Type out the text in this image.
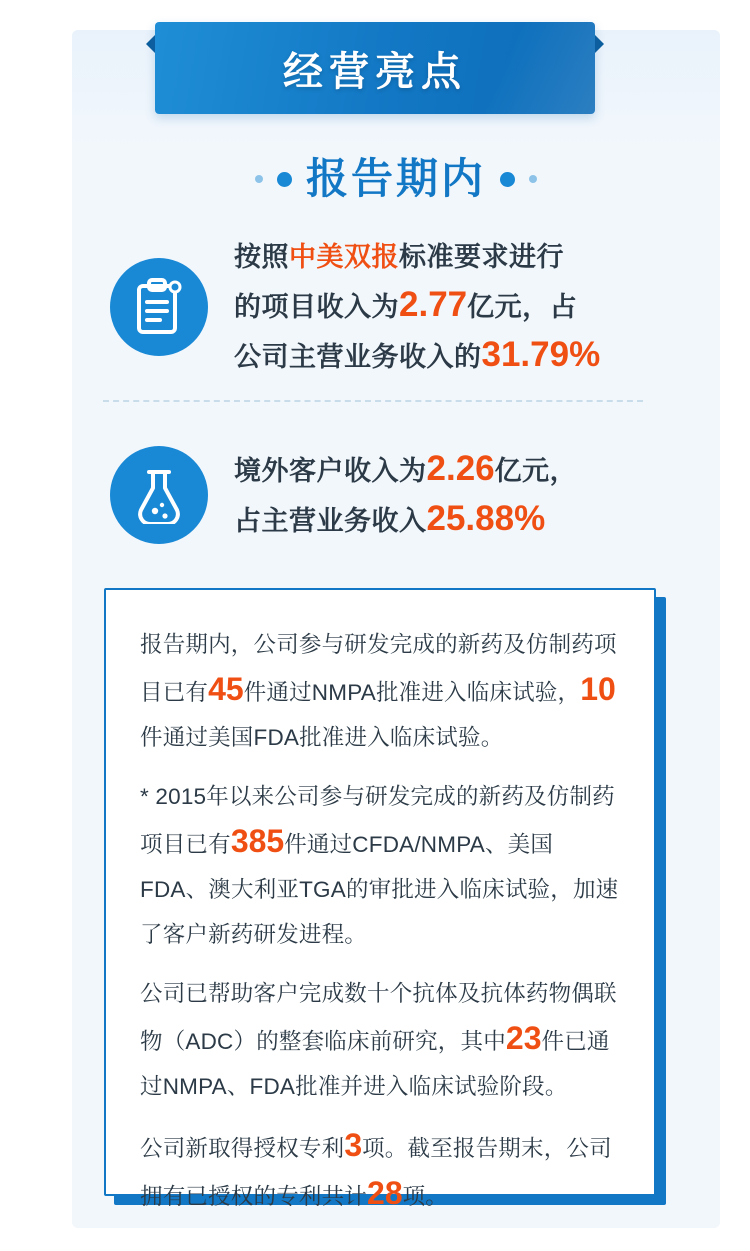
经营亮点
报告期内
按照中美双报标准要求进行
的项目收入为2.77亿元，占
公司主营业务收入的31.79%
境外客户收入为2.26亿元，
占主营业务收入25.88%

报告期内，公司参与研发完成的新药及仿制药项目已有45件通过NMPA批准进入临床试验，10件通过美国FDA批准进入临床试验。

* 2015年以来公司参与研发完成的新药及仿制药项目已有385件通过CFDA/NMPA、美国FDA、澳大利亚TGA的审批进入临床试验，加速了客户新药研发进程。

公司已帮助客户完成数十个抗体及抗体药物偶联物（ADC）的整套临床前研究，其中23件已通过NMPA、FDA批准并进入临床试验阶段。

公司新取得授权专利3项。截至报告期末，公司拥有已授权的专利共计28项。
